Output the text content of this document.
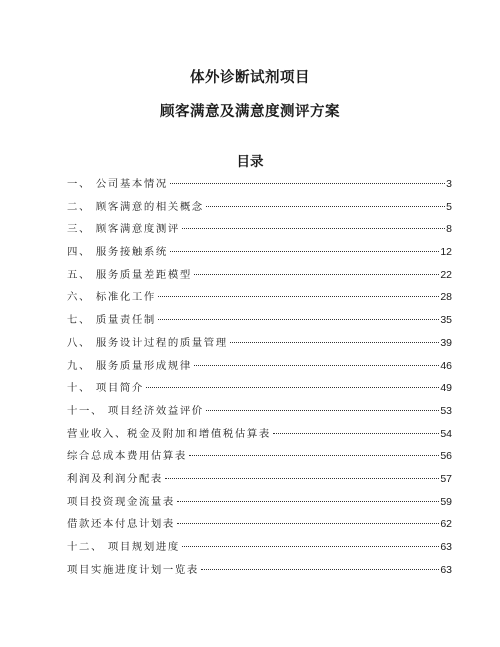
体外诊断试剂项目
顾客满意及满意度测评方案
目录
一、 公司基本情况	3
二、 顾客满意的相关概念	5
三、 顾客满意度测评	8
四、 服务接触系统	12
五、 服务质量差距模型	22
六、 标准化工作	28
七、 质量责任制	35
八、 服务设计过程的质量管理	39
九、 服务质量形成规律	46
十、 项目简介	49
十一、 项目经济效益评价	53
营业收入、税金及附加和增值税估算表	54
综合总成本费用估算表	56
利润及利润分配表	57
项目投资现金流量表	59
借款还本付息计划表	62
十二、 项目规划进度	63
项目实施进度计划一览表	63
